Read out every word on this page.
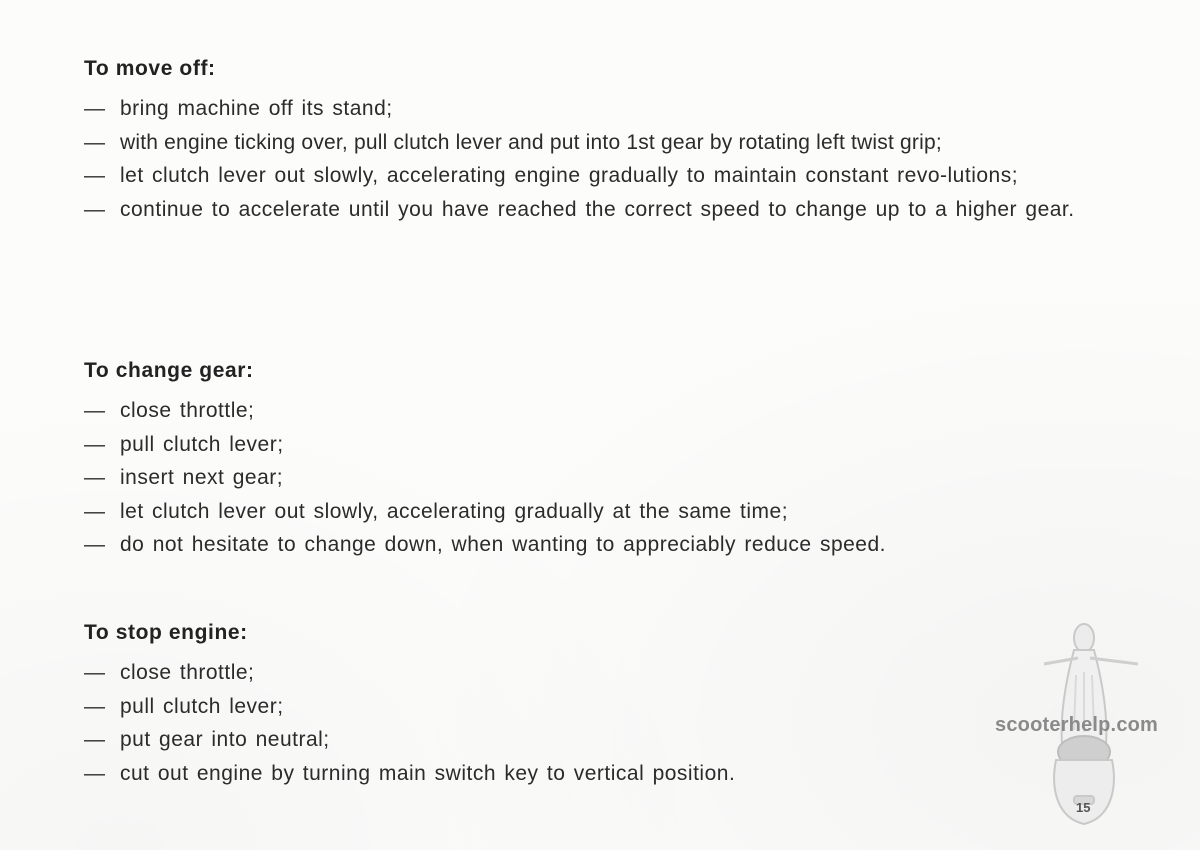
To move off:
— bring machine off its stand;
— with engine ticking over, pull clutch lever and put into 1st gear by rotating left twist grip;
— let clutch lever out slowly, accelerating engine gradually to maintain constant revo-lutions;
— continue to accelerate until you have reached the correct speed to change up to a higher gear.
To change gear:
— close throttle;
— pull clutch lever;
— insert next gear;
— let clutch lever out slowly, accelerating gradually at the same time;
— do not hesitate to change down, when wanting to appreciably reduce speed.
To stop engine:
— close throttle;
— pull clutch lever;
— put gear into neutral;
— cut out engine by turning main switch key to vertical position.
scooterhelp.com
15
